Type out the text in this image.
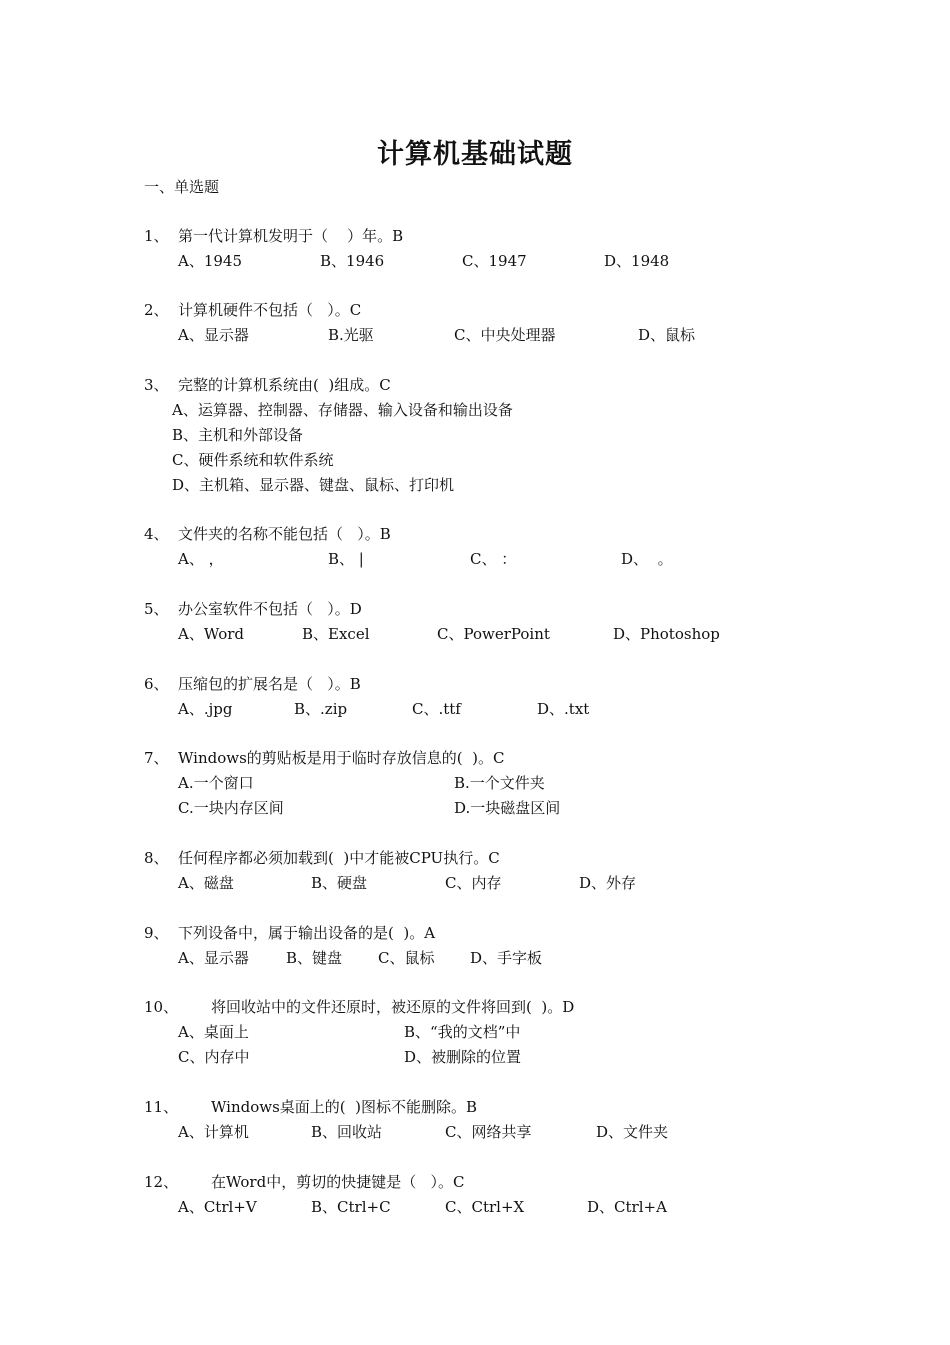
计算机基础试题
一、单选题

1、

第一代计算机发明于（    ）年。B

A、1945

	B、1946

	C、1947

	D、1948

2、

计算机硬件不包括（   ）。C

A、显示器

	B.光驱

	C、中央处理器

	D、鼠标

3、

完整的计算机系统由(  )组成。C

A、运算器、控制器、存储器、输入设备和输出设备
B、主机和外部设备
C、硬件系统和软件系统
D、主机箱、显示器、键盘、鼠标、打印机

4、

文件夹的名称不能包括（   ）。B

A、 ，

	B、 |

	C、 ：

	D、  。

5、

办公室软件不包括（   ）。D

A、Word

	B、Excel

	C、PowerPoint

	D、Photoshop

6、

压缩包的扩展名是（   ）。B

A、.jpg

	B、.zip

	C、.ttf

	D、.txt

7、

Windows的剪贴板是用于临时存放信息的(  )。C

A.一个窗口

	B.一个文件夹

C.一块内存区间

	D.一块磁盘区间

8、

任何程序都必须加载到(  )中才能被CPU执行。C

A、磁盘

	B、硬盘

	C、内存

	D、外存

9、

下列设备中，属于输出设备的是(  )。A

A、显示器

B、键盘

C、鼠标

D、手字板

10、

将回收站中的文件还原时，被还原的文件将回到(  )。D

A、桌面上

	B、“我的文档”中

C、内存中

	D、被删除的位置

11、

Windows桌面上的(  )图标不能删除。B

A、计算机

	B、回收站

	C、网络共享

	D、文件夹

12、

在Word中，剪切的快捷键是（   ）。C

A、Ctrl+V

	B、Ctrl+C

	C、Ctrl+X

	D、Ctrl+A
